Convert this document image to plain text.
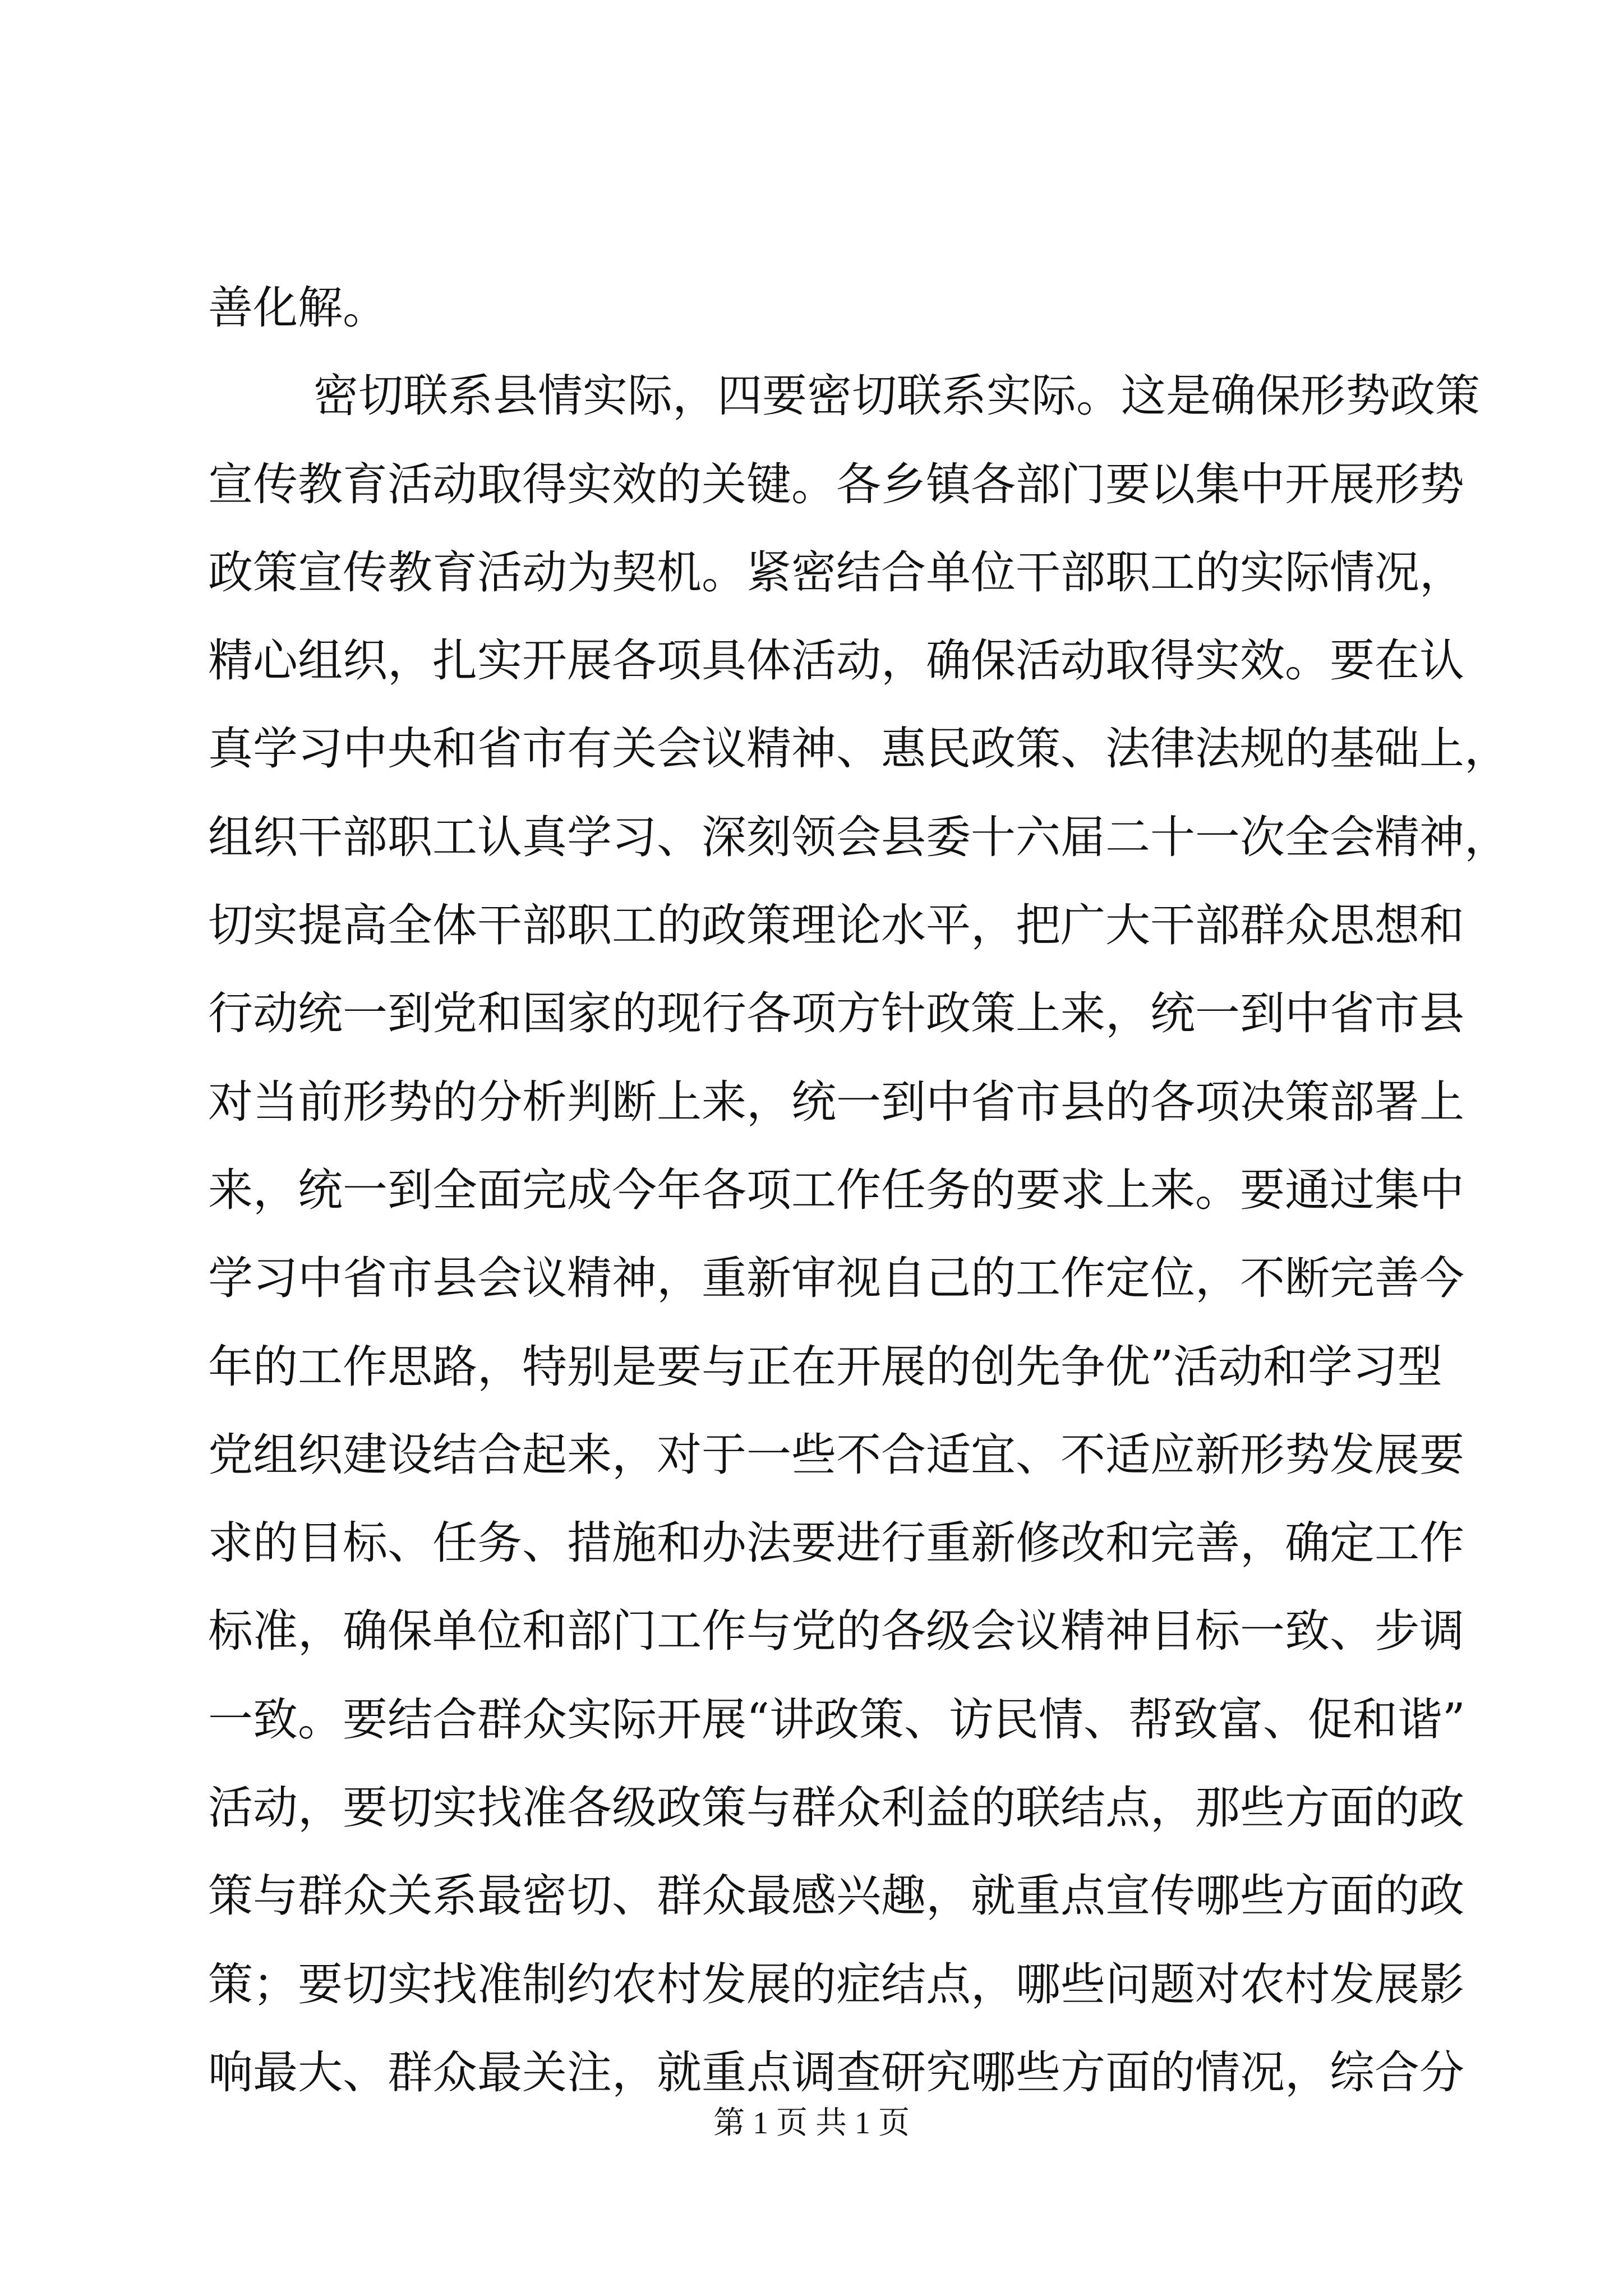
善化解。
密切联系县情实际，四要密切联系实际。这是确保形势政策
宣传教育活动取得实效的关键。各乡镇各部门要以集中开展形势
政策宣传教育活动为契机。紧密结合单位干部职工的实际情况，
精心组织，扎实开展各项具体活动，确保活动取得实效。要在认
真学习中央和省市有关会议精神、惠民政策、法律法规的基础上，
组织干部职工认真学习、深刻领会县委十六届二十一次全会精神，
切实提高全体干部职工的政策理论水平，把广大干部群众思想和
行动统一到党和国家的现行各项方针政策上来，统一到中省市县
对当前形势的分析判断上来，统一到中省市县的各项决策部署上
来，统一到全面完成今年各项工作任务的要求上来。要通过集中
学习中省市县会议精神，重新审视自己的工作定位，不断完善今
年的工作思路，特别是要与正在开展的创先争优”活动和学习型
党组织建设结合起来，对于一些不合适宜、不适应新形势发展要
求的目标、任务、措施和办法要进行重新修改和完善，确定工作
标准，确保单位和部门工作与党的各级会议精神目标一致、步调
一致。要结合群众实际开展“讲政策、访民情、帮致富、促和谐”
活动，要切实找准各级政策与群众利益的联结点，那些方面的政
策与群众关系最密切、群众最感兴趣，就重点宣传哪些方面的政
策；要切实找准制约农村发展的症结点，哪些问题对农村发展影
响最大、群众最关注，就重点调查研究哪些方面的情况，综合分
第 1 页 共 1 页
